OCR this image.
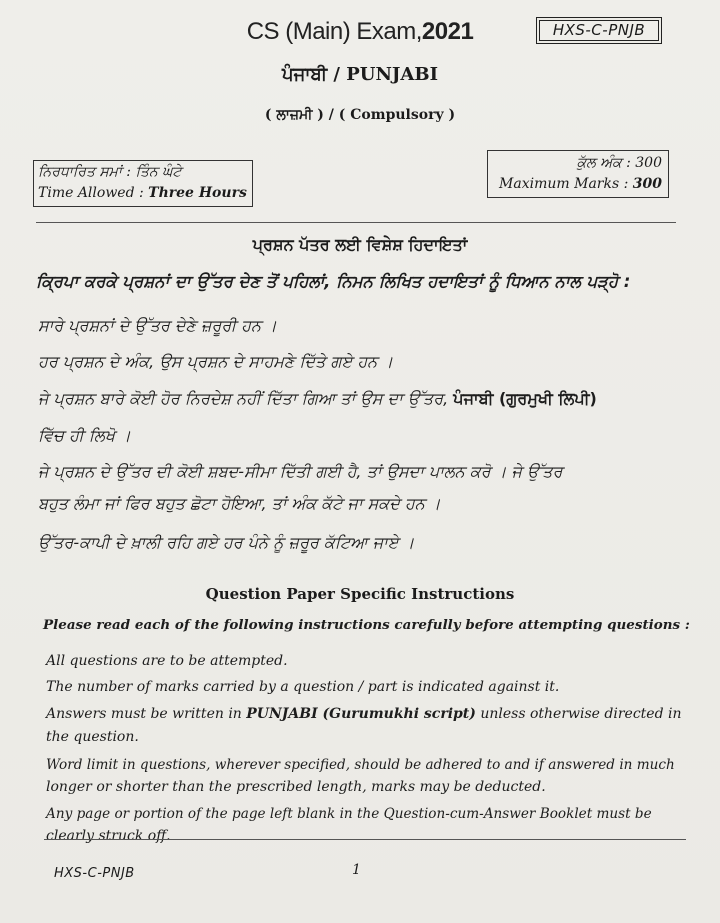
CS (Main) Exam,2021	HXS-C-PNJB
ਪੰਜਾਬੀ / PUNJABI
( ਲਾਜ਼ਮੀ ) / ( Compulsory )
ਨਿਰਧਾਰਿਤ ਸਮਾਂ : ਤਿੰਨ ਘੰਟੇ
Time Allowed : Three Hours
ਕੁੱਲ ਅੰਕ : 300
Maximum Marks : 300
ਪ੍ਰਸ਼ਨ ਪੱਤਰ ਲਈ ਵਿਸ਼ੇਸ਼ ਹਿਦਾਇਤਾਂ
ਕ੍ਰਿਪਾ ਕਰਕੇ ਪ੍ਰਸ਼ਨਾਂ ਦਾ ਉੱਤਰ ਦੇਣ ਤੋਂ ਪਹਿਲਾਂ, ਨਿਮਨ ਲਿਖਿਤ ਹਦਾਇਤਾਂ ਨੂੰ ਧਿਆਨ ਨਾਲ ਪੜ੍ਹੋ :
ਸਾਰੇ ਪ੍ਰਸ਼ਨਾਂ ਦੇ ਉੱਤਰ ਦੇਣੇ ਜ਼ਰੂਰੀ ਹਨ ।
ਹਰ ਪ੍ਰਸ਼ਨ ਦੇ ਅੰਕ, ਉਸ ਪ੍ਰਸ਼ਨ ਦੇ ਸਾਹਮਣੇ ਦਿੱਤੇ ਗਏ ਹਨ ।
ਜੇ ਪ੍ਰਸ਼ਨ ਬਾਰੇ ਕੋਈ ਹੋਰ ਨਿਰਦੇਸ਼ ਨਹੀਂ ਦਿੱਤਾ ਗਿਆ ਤਾਂ ਉਸ ਦਾ ਉੱਤਰ, ਪੰਜਾਬੀ (ਗੁਰਮੁਖੀ ਲਿਪੀ)
ਵਿੱਚ ਹੀ ਲਿਖੋ ।
ਜੇ ਪ੍ਰਸ਼ਨ ਦੇ ਉੱਤਰ ਦੀ ਕੋਈ ਸ਼ਬਦ-ਸੀਮਾ ਦਿੱਤੀ ਗਈ ਹੈ, ਤਾਂ ਉਸਦਾ ਪਾਲਨ ਕਰੋ । ਜੇ ਉੱਤਰ
ਬਹੁਤ ਲੰਮਾ ਜਾਂ ਫਿਰ ਬਹੁਤ ਛੋਟਾ ਹੋਇਆ, ਤਾਂ ਅੰਕ ਕੱਟੇ ਜਾ ਸਕਦੇ ਹਨ ।
ਉੱਤਰ-ਕਾਪੀ ਦੇ ਖ਼ਾਲੀ ਰਹਿ ਗਏ ਹਰ ਪੰਨੇ ਨੂੰ ਜ਼ਰੂਰ ਕੱਟਿਆ ਜਾਏ ।
Question Paper Specific Instructions
Please read each of the following instructions carefully before attempting questions :
All questions are to be attempted.
The number of marks carried by a question / part is indicated against it.
Answers must be written in PUNJABI (Gurumukhi script) unless otherwise directed in
the question.
Word limit in questions, wherever specified, should be adhered to and if answered in much
longer or shorter than the prescribed length, marks may be deducted.
Any page or portion of the page left blank in the Question-cum-Answer Booklet must be
clearly struck off.
HXS-C-PNJB	1
